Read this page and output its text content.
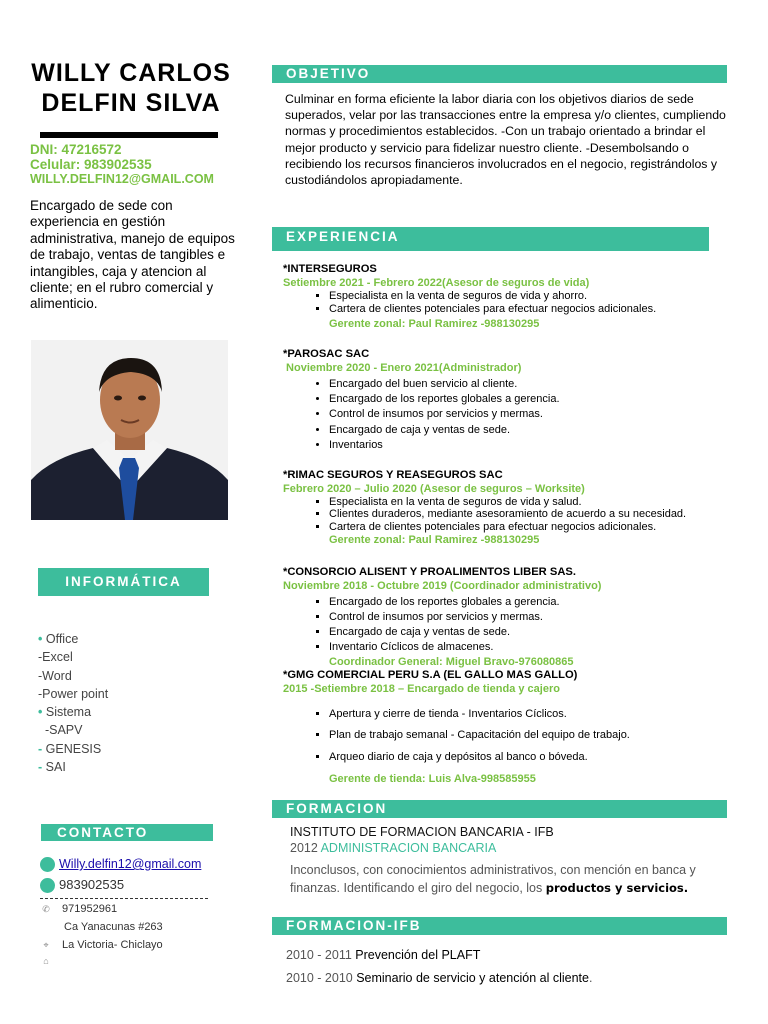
WILLY CARLOS
DELFIN SILVA
DNI: 47216572
Celular: 983902535
WILLY.DELFIN12@GMAIL.COM
Encargado de sede con experiencia en gestión administrativa, manejo de equipos de trabajo, ventas de tangibles e intangibles, caja y atencion al cliente; en el rubro comercial y alimenticio.
INFORMÁTICA
• Office
-Excel
-Word
-Power point
• Sistema
-SAPV
- GENESIS
- SAI
CONTACTO
Willy.delfin12@gmail.com
983902535
✆ 971952961
Ca Yanacunas #263
⌖ La Victoria- Chiclayo
⌂
OBJETIVO
Culminar en forma eficiente la labor diaria con los objetivos diarios de sede superados, velar por las transacciones entre la empresa y/o clientes, cumpliendo normas y procedimientos establecidos. -Con un trabajo orientado a brindar el mejor producto y servicio para fidelizar nuestro cliente. -Desembolsando o recibiendo los recursos financieros involucrados en el negocio, registrándolos y custodiándolos apropiadamente.
EXPERIENCIA
*INTERSEGUROS
Setiembre 2021 - Febrero 2022(Asesor de seguros de vida)
▪ Especialista en la venta de seguros de vida y ahorro.
▪ Cartera de clientes potenciales para efectuar negocios adicionales.
Gerente zonal: Paul Ramirez -988130295
*PAROSAC SAC
Noviembre 2020 - Enero 2021(Administrador)
• Encargado del buen servicio al cliente.
• Encargado de los reportes globales a gerencia.
• Control de insumos por servicios y mermas.
• Encargado de caja y ventas de sede.
• Inventarios
*RIMAC SEGUROS Y REASEGUROS SAC
Febrero 2020 – Julio 2020 (Asesor de seguros – Worksite)
▪ Especialista en la venta de seguros de vida y salud.
▪ Clientes duraderos, mediante asesoramiento de acuerdo a su necesidad.
▪ Cartera de clientes potenciales para efectuar negocios adicionales.
Gerente zonal: Paul Ramirez -988130295
*CONSORCIO ALISENT Y PROALIMENTOS LIBER SAS.
Noviembre 2018 - Octubre 2019 (Coordinador administrativo)
▪ Encargado de los reportes globales a gerencia.
▪ Control de insumos por servicios y mermas.
▪ Encargado de caja y ventas de sede.
▪ Inventario Cíclicos de almacenes.
Coordinador General: Miguel Bravo-976080865
*GMG COMERCIAL PERU S.A (EL GALLO MAS GALLO)
2015 -Setiembre 2018 – Encargado de tienda y cajero
▪ Apertura y cierre de tienda - Inventarios Cíclicos.
▪ Plan de trabajo semanal - Capacitación del equipo de trabajo.
▪ Arqueo diario de caja y depósitos al banco o bóveda.
Gerente de tienda: Luis Alva-998585955
FORMACION
INSTITUTO DE FORMACION BANCARIA - IFB
2012 ADMINISTRACION BANCARIA
Inconclusos, con conocimientos administrativos, con mención en banca y finanzas. Identificando el giro del negocio, los productos y servicios.
FORMACION-IFB
2010 - 2011 Prevención del PLAFT
2010 - 2010 Seminario de servicio y atención al cliente.
